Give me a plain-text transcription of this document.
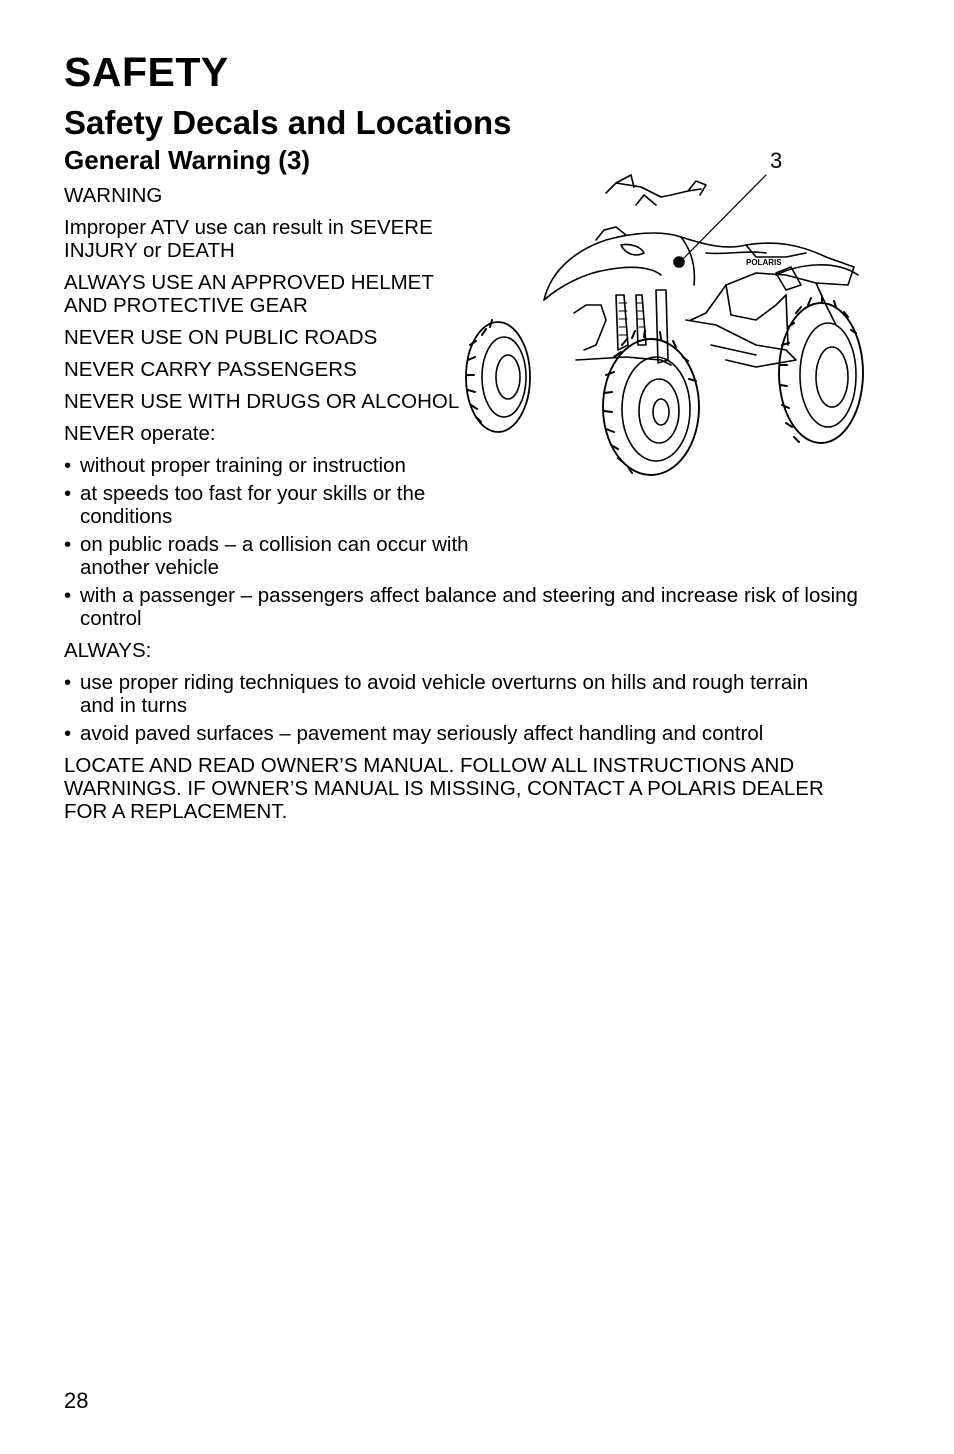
SAFETY
Safety Decals and Locations
General Warning (3)	3
POLARIS

WARNING

Improper ATV use can result in SEVERE INJURY or DEATH

ALWAYS USE AN APPROVED HELMET AND PROTECTIVE GEAR

NEVER USE ON PUBLIC ROADS

NEVER CARRY PASSENGERS

NEVER USE WITH DRUGS OR ALCOHOL

NEVER operate:

• without proper training or instruction
• at speeds too fast for your skills or the conditions
• on public roads – a collision can occur with another vehicle
• with a passenger – passengers affect balance and steering and increase risk of losing control

ALWAYS:

• use proper riding techniques to avoid vehicle overturns on hills and rough terrain and in turns
• avoid paved surfaces – pavement may seriously affect handling and control

LOCATE AND READ OWNER’S MANUAL. FOLLOW ALL INSTRUCTIONS AND WARNINGS. IF OWNER’S MANUAL IS MISSING, CONTACT A POLARIS DEALER FOR A REPLACEMENT.

28
